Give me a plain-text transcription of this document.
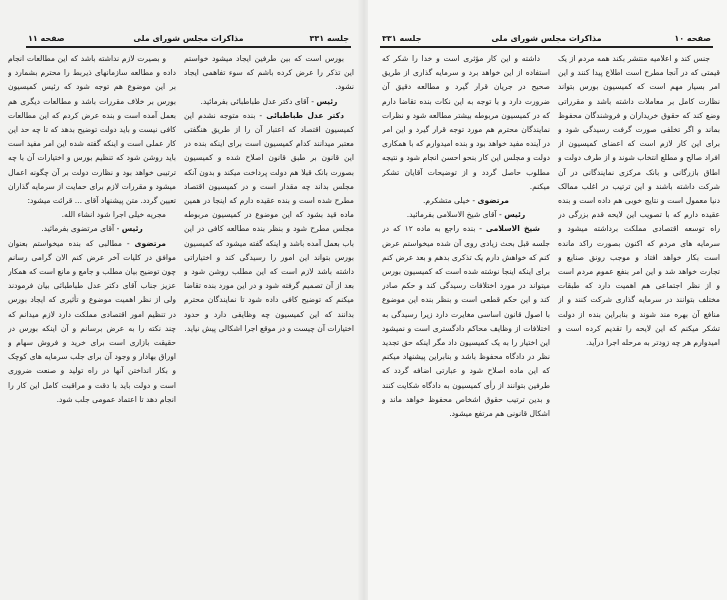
جلسه ۳۳۱
مذاکرات مجلس شورای ملی
صفحه ۱۱

بورس است که بین طرفین ایجاد میشود خواستم این تذکر را عرض کرده باشم که سوء تفاهمی ایجاد نشود.

رئیس - آقای دکتر عدل طباطبائی بفرمائید.

دکتر عدل طباطبائی - بنده متوجه نشدم این کمیسیون اقتصاد که اعتبار آن را از طریق هنگفتی معتبر میدانند کدام کمیسیون است برای اینکه بنده در این قانون بر طبق قانون اصلاح شده و کمیسیون بصورت بانک قبلا هم دولت پرداخت میکند و بدون آنکه مجلس بداند چه مقدار است و در کمیسیون اقتصاد مطرح شده است و بنده عقیده دارم که اینجا در همین ماده قید بشود که این موضوع در کمیسیون مربوطه مجلس مطرح شود و بنظر بنده مطالعه کافی در این باب بعمل آمده باشد و اینکه گفته میشود که کمیسیون بورس بتواند این امور را رسیدگی کند و اختیاراتی داشته باشد لازم است که این مطلب روشن شود و بعد از آن تصمیم گرفته شود و در این مورد بنده تقاضا میکنم که توضیح کافی داده شود تا نمایندگان محترم بدانند که این کمیسیون چه وظایفی دارد و حدود اختیارات آن چیست و در موقع اجرا اشکالی پیش نیاید.

و بصیرت لازم نداشته باشد که این مطالعات انجام داده و مطالعه سازمانهای ذیربط را محترم بشمارد و بر این موضوع هم توجه شود که رئیس کمیسیون بورس بر خلاف مقررات باشد و مطالعات دیگری هم بعمل آمده است و بنده عرض کردم که این مطالعات کافی نیست و باید دولت توضیح بدهد که تا چه حد این کار عملی است و اینکه گفته شده این امر مفید است باید روشن شود که تنظیم بورس و اختیارات آن با چه ترتیبی خواهد بود و نظارت دولت بر آن چگونه اعمال میشود و مقررات لازم برای حمایت از سرمایه گذاران تعیین گردد. متن پیشنهاد آقای ... قرائت میشود:

مجریه خیلی اجرا شود انشاء الله.

رئیس - آقای مرتضوی بفرمائید.

مرتضوی - مطالبی که بنده میخواستم بعنوان موافق در کلیات آخر عرض کنم الان گرامی رسانم چون توضیح بیان مطلب و جامع و مانع است که همکار عزیز جناب آقای دکتر عدل طباطبائی بیان فرمودند ولی از نظر اهمیت موضوع و تأثیری که ایجاد بورس در تنظیم امور اقتصادی مملکت دارد لازم میدانم که چند نکته را به عرض برسانم و آن اینکه بورس در حقیقت بازاری است برای خرید و فروش سهام و اوراق بهادار و وجود آن برای جلب سرمایه های کوچک و بکار انداختن آنها در راه تولید و صنعت ضروری است و دولت باید با دقت و مراقبت کامل این کار را انجام دهد تا اعتماد عمومی جلب شود.

صفحه ۱۰
مذاکرات مجلس شورای ملی
جلسه ۳۳۱

جنس کند و اعلامیه منتشر بکند همه مردم از یک قیمتی که در آنجا مطرح است اطلاع پیدا کنند و این امر بسیار مهم است که کمیسیون بورس بتواند نظارت کامل بر معاملات داشته باشد و مقرراتی وضع کند که حقوق خریداران و فروشندگان محفوظ بماند و اگر تخلفی صورت گرفت رسیدگی شود و برای این کار لازم است که اعضای کمیسیون از افراد صالح و مطلع انتخاب شوند و از طرف دولت و اطاق بازرگانی و بانک مرکزی نمایندگانی در آن شرکت داشته باشند و این ترتیب در اغلب ممالک دنیا معمول است و نتایج خوبی هم داده است و بنده عقیده دارم که با تصویب این لایحه قدم بزرگی در راه توسعه اقتصادی مملکت برداشته میشود و سرمایه های مردم که اکنون بصورت راکد مانده است بکار خواهد افتاد و موجب رونق صنایع و تجارت خواهد شد و این امر بنفع عموم مردم است و از نظر اجتماعی هم اهمیت دارد که طبقات مختلف بتوانند در سرمایه گذاری شرکت کنند و از منافع آن بهره مند شوند و بنابراین بنده از دولت تشکر میکنم که این لایحه را تقدیم کرده است و امیدوارم هر چه زودتر به مرحله اجرا درآید.

داشته و این کار مؤثری است و خدا را شکر که استفاده از این خواهد برد و سرمایه گذاری از طریق صحیح در جریان قرار گیرد و مطالعه دقیق آن ضرورت دارد و با توجه به این نکات بنده تقاضا دارم که در کمیسیون مربوطه بیشتر مطالعه شود و نظرات نمایندگان محترم هم مورد توجه قرار گیرد و این امر در آینده مفید خواهد بود و بنده امیدوارم که با همکاری دولت و مجلس این کار بنحو احسن انجام شود و نتیجه مطلوب حاصل گردد و از توضیحات آقایان تشکر میکنم.

مرتضوی - خیلی متشکرم.

رئیس - آقای شیخ الاسلامی بفرمائید.

شیخ الاسلامی - بنده راجع به ماده ۱۲ که در جلسه قبل بحث زیادی روی آن شده میخواستم عرض کنم که خواهش دارم یک تذکری بدهم و بعد عرض کنم برای اینکه اینجا نوشته شده است که کمیسیون بورس میتواند در مورد اختلافات رسیدگی کند و حکم صادر کند و این حکم قطعی است و بنظر بنده این موضوع با اصول قانون اساسی مغایرت دارد زیرا رسیدگی به اختلافات از وظایف محاکم دادگستری است و نمیشود این اختیار را به یک کمیسیون داد مگر اینکه حق تجدید نظر در دادگاه محفوظ باشد و بنابراین پیشنهاد میکنم که این ماده اصلاح شود و عبارتی اضافه گردد که طرفین بتوانند از رأی کمیسیون به دادگاه شکایت کنند و بدین ترتیب حقوق اشخاص محفوظ خواهد ماند و اشکال قانونی هم مرتفع میشود.
